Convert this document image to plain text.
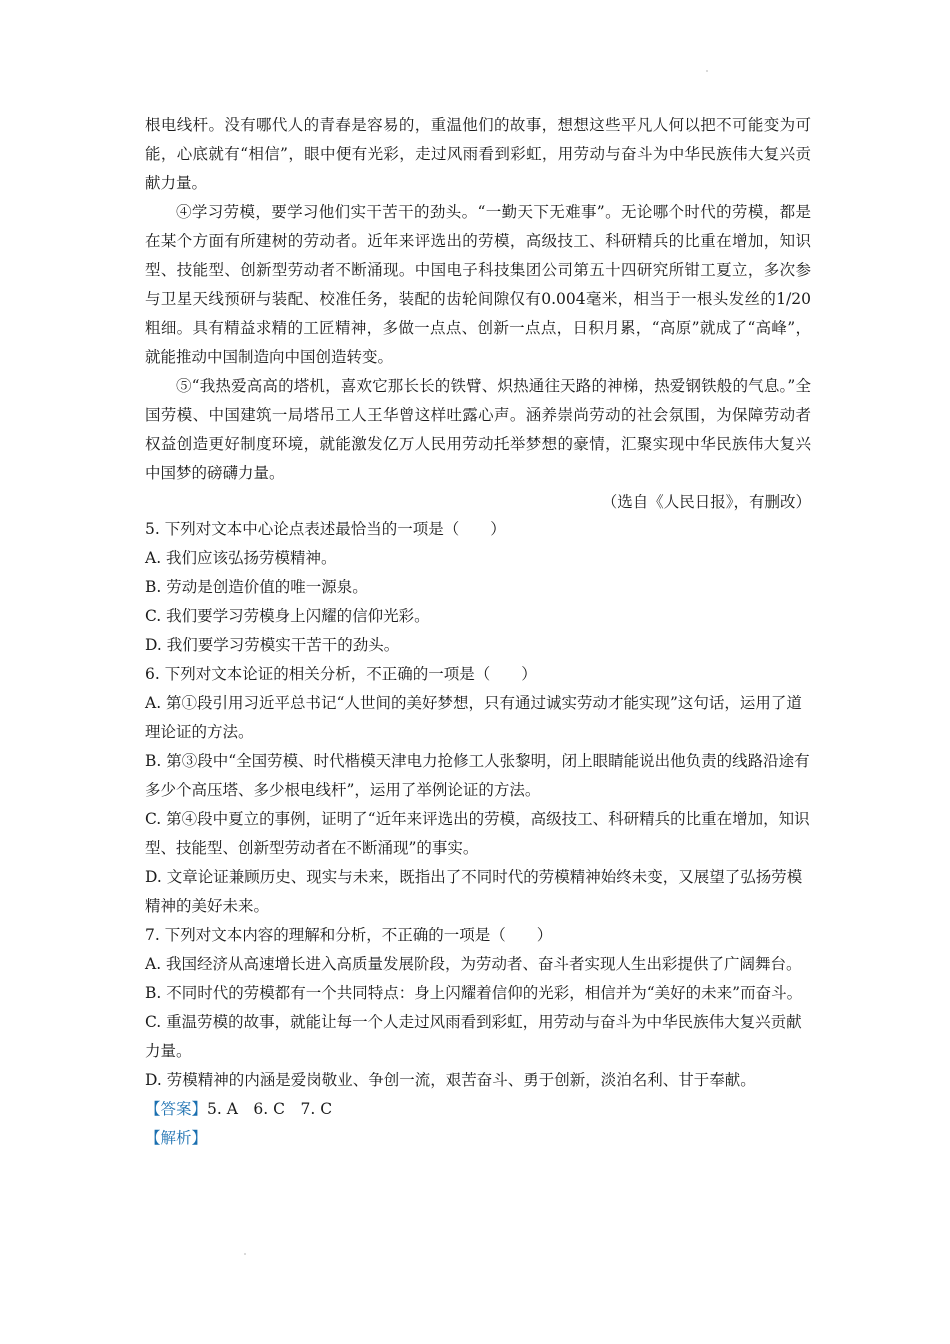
根电线杆。没有哪代人的青春是容易的，重温他们的故事，想想这些平凡人何以把不可能变为可能，心底就有“相信”，眼中便有光彩，走过风雨看到彩虹，用劳动与奋斗为中华民族伟大复兴贡献力量。

④学习劳模，要学习他们实干苦干的劲头。“一勤天下无难事”。无论哪个时代的劳模，都是在某个方面有所建树的劳动者。近年来评选出的劳模，高级技工、科研精兵的比重在增加，知识型、技能型、创新型劳动者不断涌现。中国电子科技集团公司第五十四研究所钳工夏立，多次参与卫星天线预研与装配、校准任务，装配的齿轮间隙仅有0.004毫米，相当于一根头发丝的1/20粗细。具有精益求精的工匠精神，多做一点点、创新一点点，日积月累，“高原”就成了“高峰”，就能推动中国制造向中国创造转变。

⑤“我热爱高高的塔机，喜欢它那长长的铁臂、炽热通往天路的神梯，热爱钢铁般的气息。”全国劳模、中国建筑一局塔吊工人王华曾这样吐露心声。涵养崇尚劳动的社会氛围，为保障劳动者权益创造更好制度环境，就能激发亿万人民用劳动托举梦想的豪情，汇聚实现中华民族伟大复兴中国梦的磅礴力量。

（选自《人民日报》，有删改）

5. 下列对文本中心论点表述最恰当的一项是（　　）

A. 我们应该弘扬劳模精神。

B. 劳动是创造价值的唯一源泉。

C. 我们要学习劳模身上闪耀的信仰光彩。

D. 我们要学习劳模实干苦干的劲头。

6. 下列对文本论证的相关分析，不正确的一项是（　　）

A. 第①段引用习近平总书记“人世间的美好梦想，只有通过诚实劳动才能实现”这句话，运用了道理论证的方法。

B. 第③段中“全国劳模、时代楷模天津电力抢修工人张黎明，闭上眼睛能说出他负责的线路沿途有多少个高压塔、多少根电线杆”，运用了举例论证的方法。

C. 第④段中夏立的事例，证明了“近年来评选出的劳模，高级技工、科研精兵的比重在增加，知识型、技能型、创新型劳动者在不断涌现”的事实。

D. 文章论证兼顾历史、现实与未来，既指出了不同时代的劳模精神始终未变，又展望了弘扬劳模精神的美好未来。

7. 下列对文本内容的理解和分析，不正确的一项是（　　）

A. 我国经济从高速增长进入高质量发展阶段，为劳动者、奋斗者实现人生出彩提供了广阔舞台。

B. 不同时代的劳模都有一个共同特点：身上闪耀着信仰的光彩，相信并为“美好的未来”而奋斗。

C. 重温劳模的故事，就能让每一个人走过风雨看到彩虹，用劳动与奋斗为中华民族伟大复兴贡献力量。

D. 劳模精神的内涵是爱岗敬业、争创一流，艰苦奋斗、勇于创新，淡泊名利、甘于奉献。

【答案】5. A　6. C　7. C

【解析】
